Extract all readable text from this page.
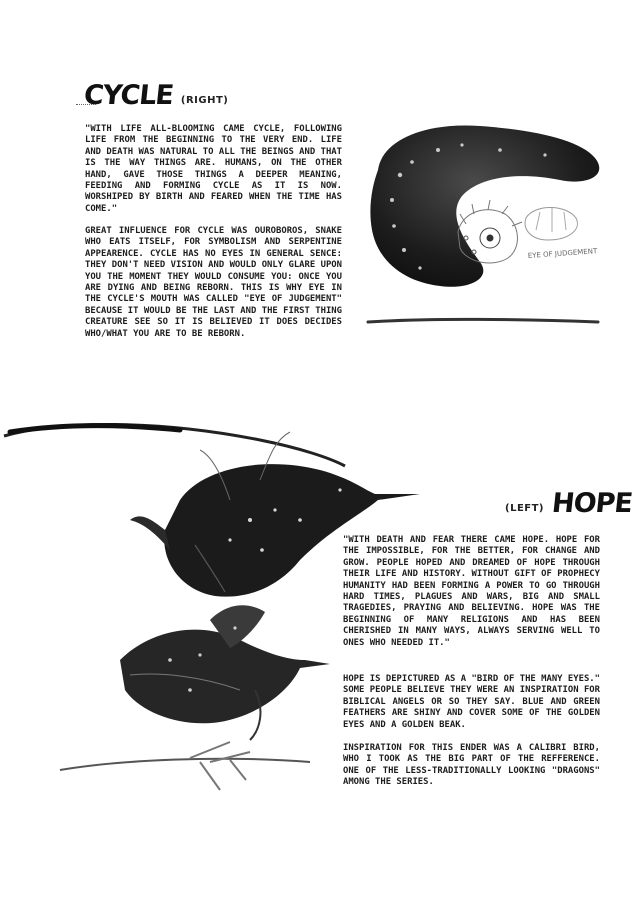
CYCLE (RIGHT)

"WITH LIFE ALL-BLOOMING CAME CYCLE, FOLLOWING LIFE FROM THE BEGINNING TO THE VERY END. LIFE AND DEATH WAS NATURAL TO ALL THE BEINGS AND THAT IS THE WAY THINGS ARE. HUMANS, ON THE OTHER HAND, GAVE THOSE THINGS A DEEPER MEANING, FEEDING AND FORMING CYCLE AS IT IS NOW. WORSHIPED BY BIRTH AND FEARED WHEN THE TIME HAS COME."

GREAT INFLUENCE FOR CYCLE WAS OUROBOROS, SNAKE WHO EATS ITSELF, FOR SYMBOLISM AND SERPENTINE APPEARENCE. CYCLE HAS NO EYES IN GENERAL SENCE: THEY DON'T NEED VISION AND WOULD ONLY GLARE UPON YOU THE MOMENT THEY WOULD CONSUME YOU: ONCE YOU ARE DYING AND BEING REBORN. THIS IS WHY EYE IN THE CYCLE'S MOUTH WAS CALLED "EYE OF JUDGEMENT" BECAUSE IT WOULD BE THE LAST AND THE FIRST THING CREATURE SEE SO IT IS BELIEVED IT DOES DECIDES WHO/WHAT YOU ARE TO BE REBORN.

EYE OF JUDGEMENT
(LEFT) HOPE

"WITH DEATH AND FEAR THERE CAME HOPE. HOPE FOR THE IMPOSSIBLE, FOR THE BETTER, FOR CHANGE AND GROW. PEOPLE HOPED AND DREAMED OF HOPE THROUGH THEIR LIFE AND HISTORY. WITHOUT GIFT OF PROPHECY HUMANITY HAD BEEN FORMING A POWER TO GO THROUGH HARD TIMES, PLAGUES AND WARS, BIG AND SMALL TRAGEDIES, PRAYING AND BELIEVING. HOPE WAS THE BEGINNING OF MANY RELIGIONS AND HAS BEEN CHERISHED IN MANY WAYS, ALWAYS SERVING WELL TO ONES WHO NEEDED IT."

HOPE IS DEPICTURED AS A "BIRD OF THE MANY EYES." SOME PEOPLE BELIEVE THEY WERE AN INSPIRATION FOR BIBLICAL ANGELS OR SO THEY SAY. BLUE AND GREEN FEATHERS ARE SHINY AND COVER SOME OF THE GOLDEN EYES AND A GOLDEN BEAK.

INSPIRATION FOR THIS ENDER WAS A CALIBRI BIRD, WHO I TOOK AS THE BIG PART OF THE REFFERENCE. ONE OF THE LESS-TRADITIONALLY LOOKING "DRAGONS" AMONG THE SERIES.
